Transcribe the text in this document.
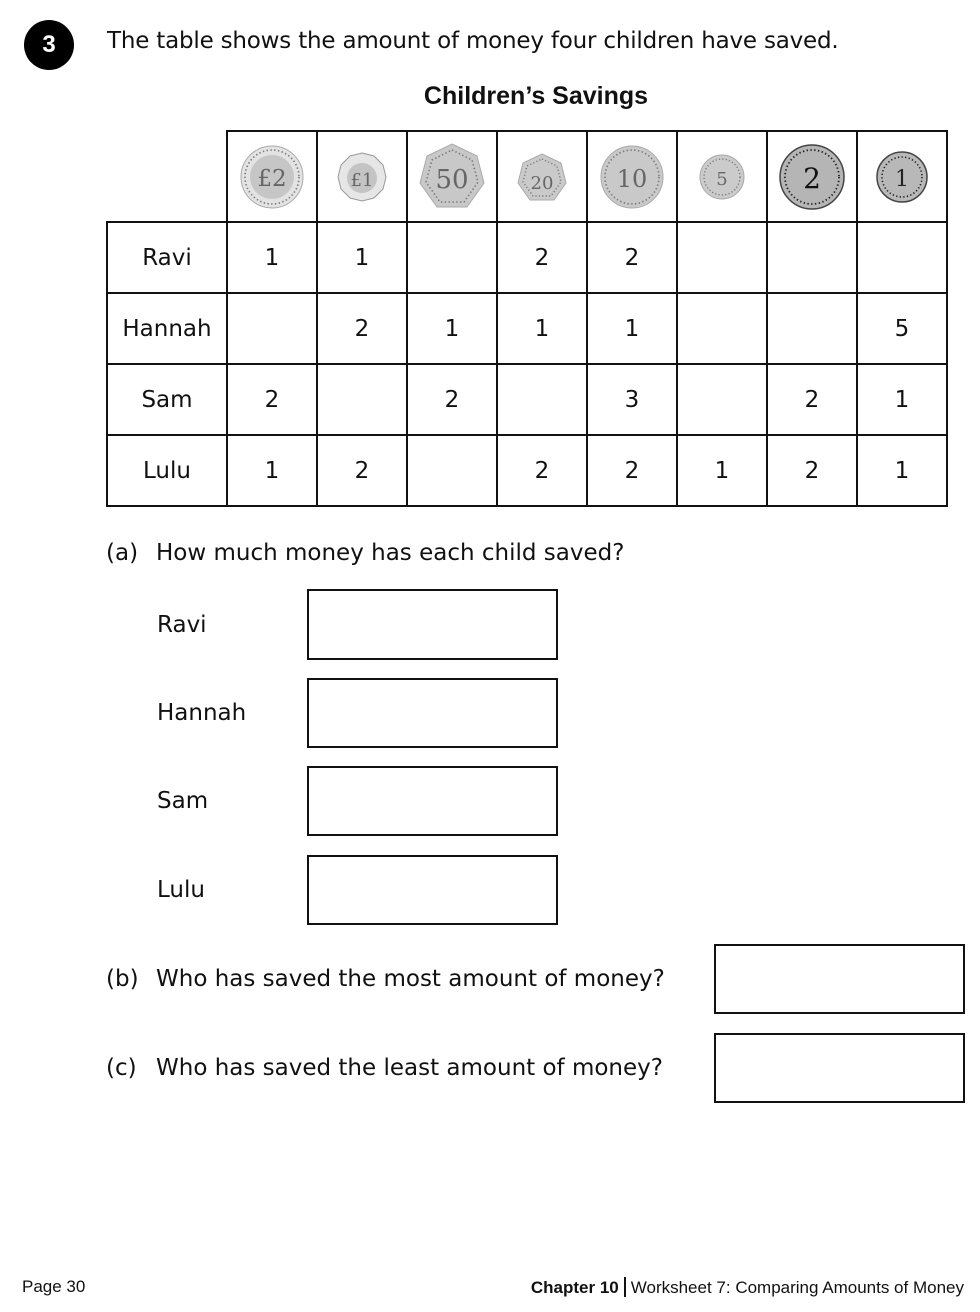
3	The table shows the amount of money four children have saved.
Children’s Savings

£2	£1	50	20	10	5	2	1

Ravi	1	1		2	2			
Hannah		2	1	1	1			5
Sam	2		2		3		2	1
Lulu	1	2		2	2	1	2	1
(a) How much money has each child saved?
Ravi
Hannah
Sam
Lulu
(b) Who has saved the most amount of money?
(c) Who has saved the least amount of money?
Page 30	Chapter 10 Worksheet 7: Comparing Amounts of Money
